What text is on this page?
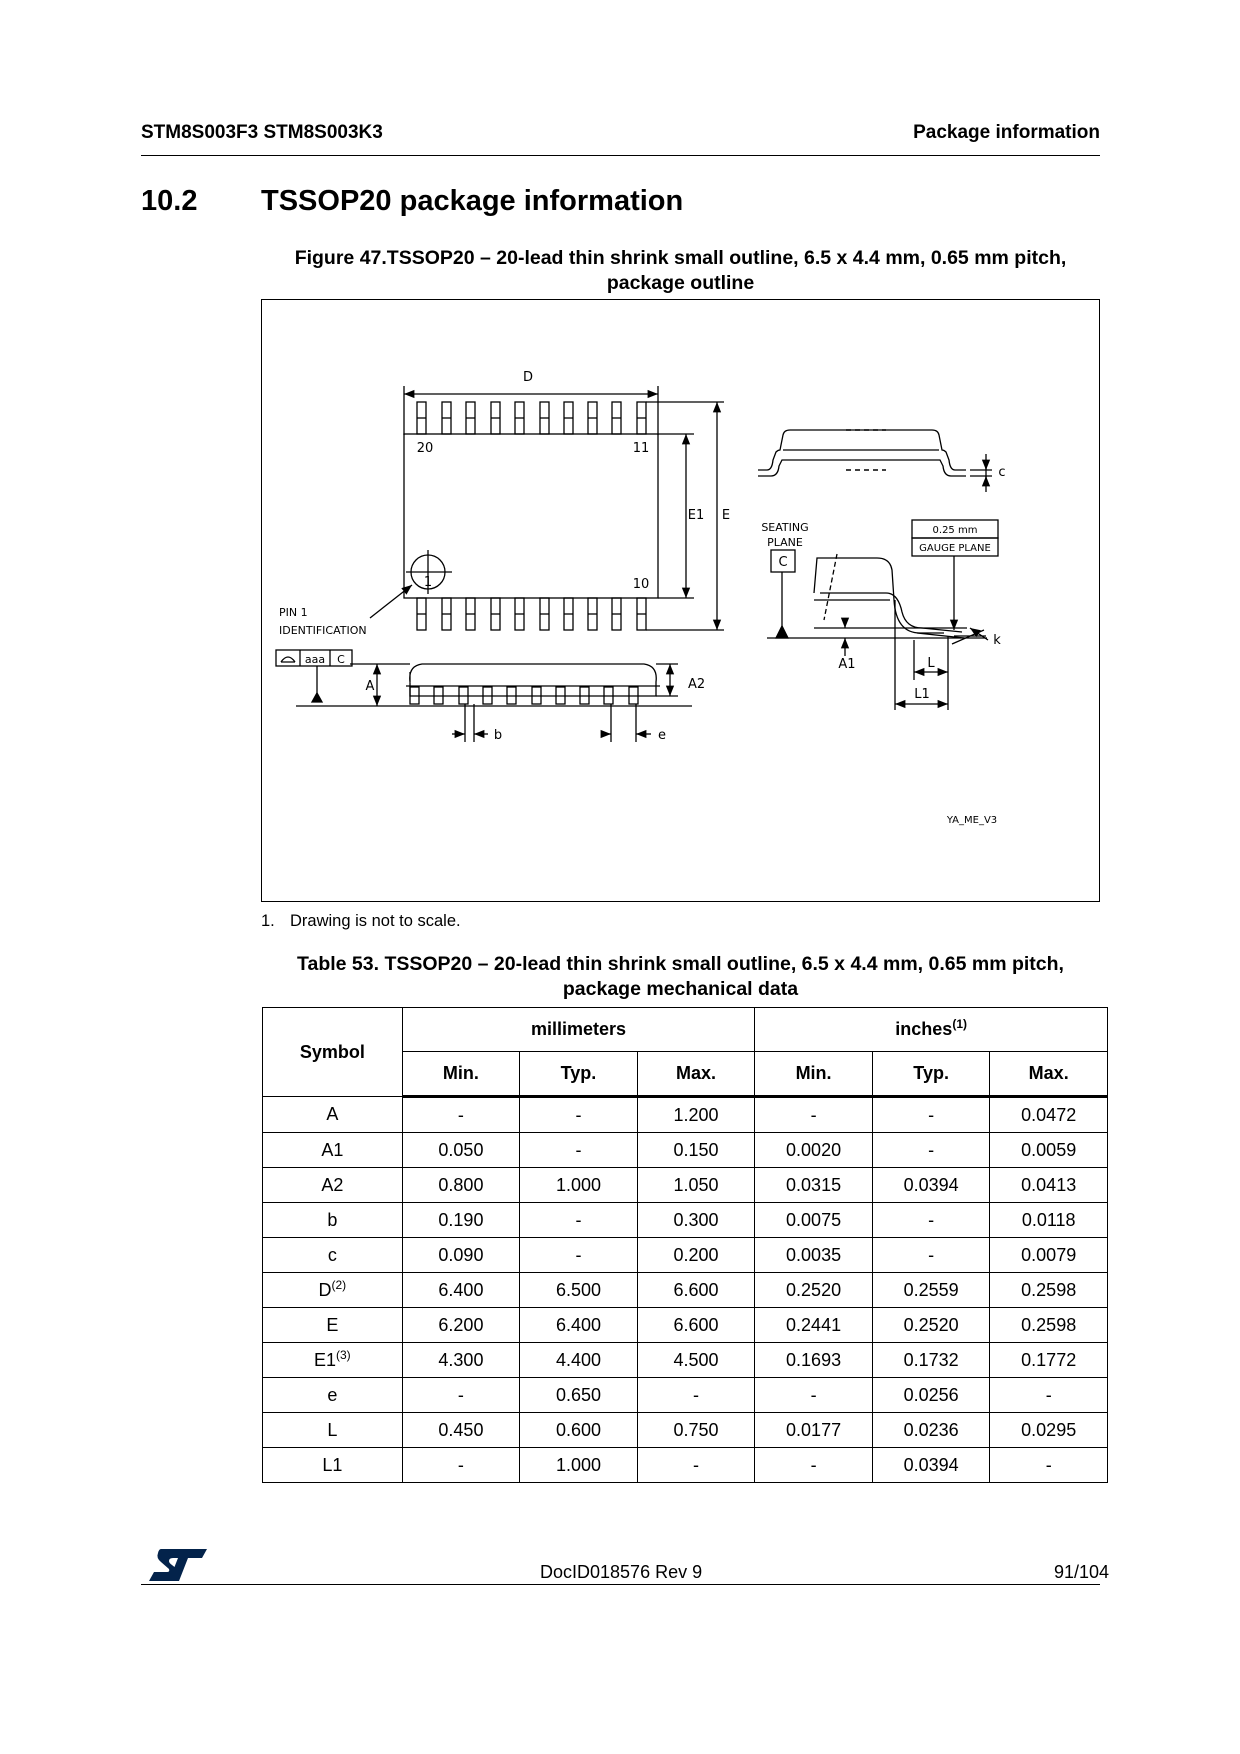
STM8S003F3 STM8S003K3	Package information
10.2 TSSOP20 package information
Figure 47.TSSOP20 – 20-lead thin shrink small outline, 6.5 x 4.4 mm, 0.65 mm pitch,
package outline
D
20	11
1	10
E1 E
PIN 1
IDENTIFICATION
aaa C
A	A2
b	e
c
SEATING
PLANE
C
0.25 mm
GAUGE PLANE
k
A1	L
L1
YA_ME_V3
1. Drawing is not to scale.
Table 53. TSSOP20 – 20-lead thin shrink small outline, 6.5 x 4.4 mm, 0.65 mm pitch,
package mechanical data
Symbol	millimeters			inches$^{(1)}$
	Min.	Typ.	Max.	Min.	Typ.	Max.
A	-	-	1.200	-	-	0.0472
A1	0.050	-	0.150	0.0020	-	0.0059
A2	0.800	1.000	1.050	0.0315	0.0394	0.0413
b	0.190	-	0.300	0.0075	-	0.0118
c	0.090	-	0.200	0.0035	-	0.0079
$D^{(2)}$	6.400	6.500	6.600	0.2520	0.2559	0.2598
E	6.200	6.400	6.600	0.2441	0.2520	0.2598
E1$^{(3)}$	4.300	4.400	4.500	0.1693	0.1732	0.1772
e	-	0.650	-	-	0.0256	-
L	0.450	0.600	0.750	0.0177	0.0236	0.0295
L1	-	1.000	-	-	0.0394	-
DocID018576 Rev 9	91/104
